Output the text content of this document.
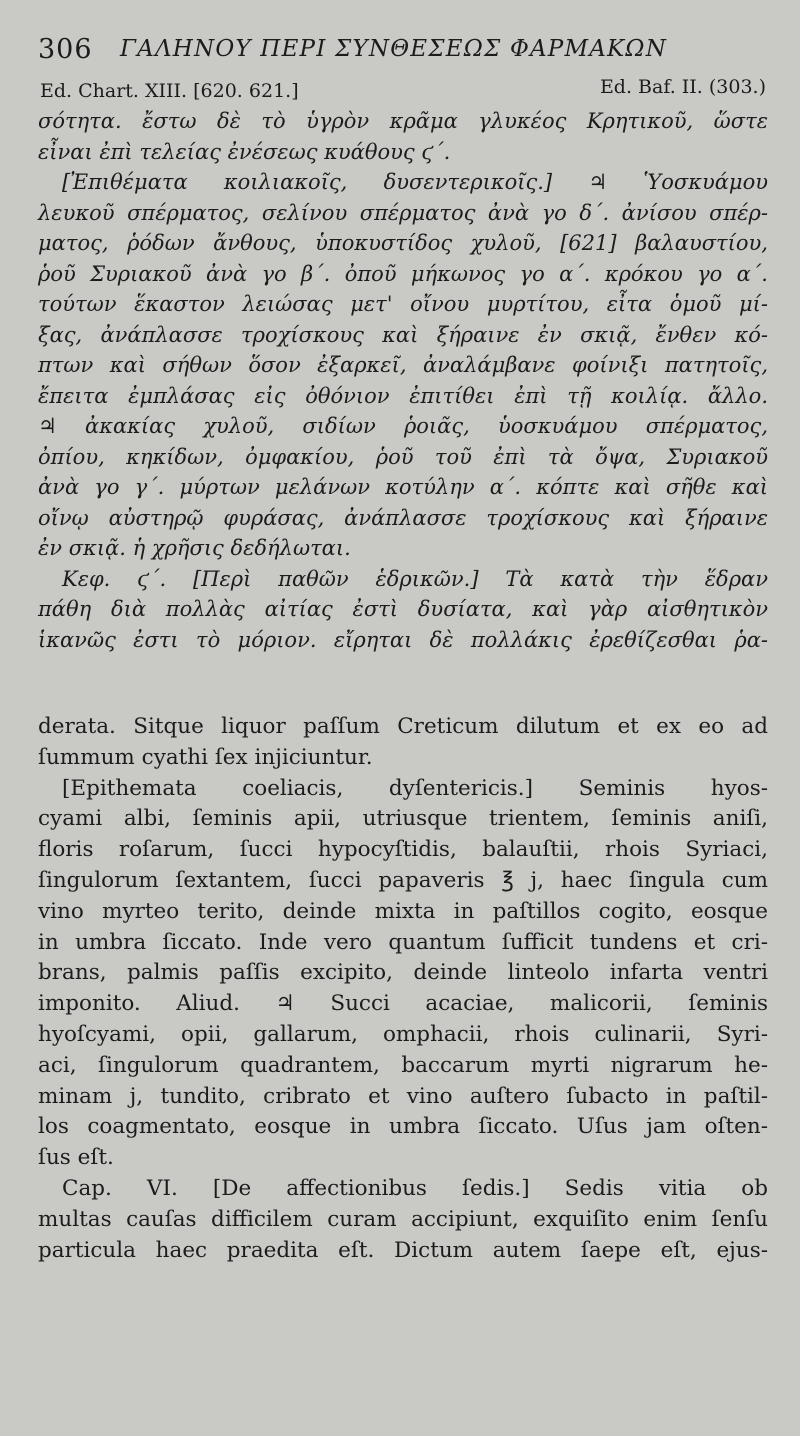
306 ΓΑΛΗΝΟΥ ΠΕΡΙ ΣΥΝΘΕΣΕΩΣ ΦΑΡΜΑΚΩΝ
Ed. Chart. XIII. [620. 621.]	Ed. Baf. II. (303.)
σότητα. ἔστω δὲ τὸ ὑγρὸν κρᾶμα γλυκέος Κρητικοῦ, ὥστε
εἶναι ἐπὶ τελείας ἐνέσεως κυάθους ϛ΄.
[Ἐπιθέματα κοιλιακοῖς, δυσεντερικοῖς.] ♃ Ὑοσκυάμου
λευκοῦ σπέρματος, σελίνου σπέρματος ἀνὰ γο δ΄. ἀνίσου σπέρ-
ματος, ῥόδων ἄνθους, ὑποκυστίδος χυλοῦ, [621] βαλαυστίου,
ῥοῦ Συριακοῦ ἀνὰ γο β΄. ὀποῦ μήκωνος γο α΄. κρόκου γο α΄.
τούτων ἕκαστον λειώσας μετ' οἴνου μυρτίτου, εἶτα ὁμοῦ μί-
ξας, ἀνάπλασσε τροχίσκους καὶ ξήραινε ἐν σκιᾷ, ἔνθεν κό-
πτων καὶ σήθων ὅσον ἐξαρκεῖ, ἀναλάμβανε φοίνιξι πατητοῖς,
ἔπειτα ἐμπλάσας εἰς ὀθόνιον ἐπιτίθει ἐπὶ τῇ κοιλίᾳ. ἄλλο.
♃ ἀκακίας χυλοῦ, σιδίων ῥοιᾶς, ὑοσκυάμου σπέρματος,
ὀπίου, κηκίδων, ὀμφακίου, ῥοῦ τοῦ ἐπὶ τὰ ὄψα, Συριακοῦ
ἀνὰ γο γ΄. μύρτων μελάνων κοτύλην α΄. κόπτε καὶ σῆθε καὶ
οἴνῳ αὐστηρῷ φυράσας, ἀνάπλασσε τροχίσκους καὶ ξήραινε
ἐν σκιᾷ. ἡ χρῆσις δεδήλωται.
Κεφ. ϛ΄. [Περὶ παθῶν ἑδρικῶν.] Τὰ κατὰ τὴν ἕδραν
πάθη διὰ πολλὰς αἰτίας ἐστὶ δυσίατα, καὶ γὰρ αἰσθητικὸν
ἱκανῶς ἐστι τὸ μόριον. εἴρηται δὲ πολλάκις ἐρεθίζεσθαι ῥα-
derata. Sitque liquor paſſum Creticum dilutum et ex eo ad
ſummum cyathi ſex injiciuntur.
[Epithemata coeliacis, dyſentericis.] Seminis hyos-
cyami albi, ſeminis apii, utriusque trientem, ſeminis aniſi,
floris roſarum, ſucci hypocyſtidis, balauſtii, rhois Syriaci,
ſingulorum ſextantem, ſucci papaveris ℥ j, haec ſingula cum
vino myrteo terito, deinde mixta in paſtillos cogito, eosque
in umbra ſiccato. Inde vero quantum ſufficit tundens et cri-
brans, palmis paſſis excipito, deinde linteolo infarta ventri
imponito. Aliud. ♃ Succi acaciae, malicorii, ſeminis
hyoſcyami, opii, gallarum, omphacii, rhois culinarii, Syri-
aci, ſingulorum quadrantem, baccarum myrti nigrarum he-
minam j, tundito, cribrato et vino auſtero ſubacto in paſtil-
los coagmentato, eosque in umbra ſiccato. Uſus jam oſten-
ſus eſt.
Cap. VI. [De affectionibus ſedis.] Sedis vitia ob
multas cauſas difficilem curam accipiunt, exquiſito enim ſenſu
particula haec praedita eſt. Dictum autem ſaepe eſt, ejus-
